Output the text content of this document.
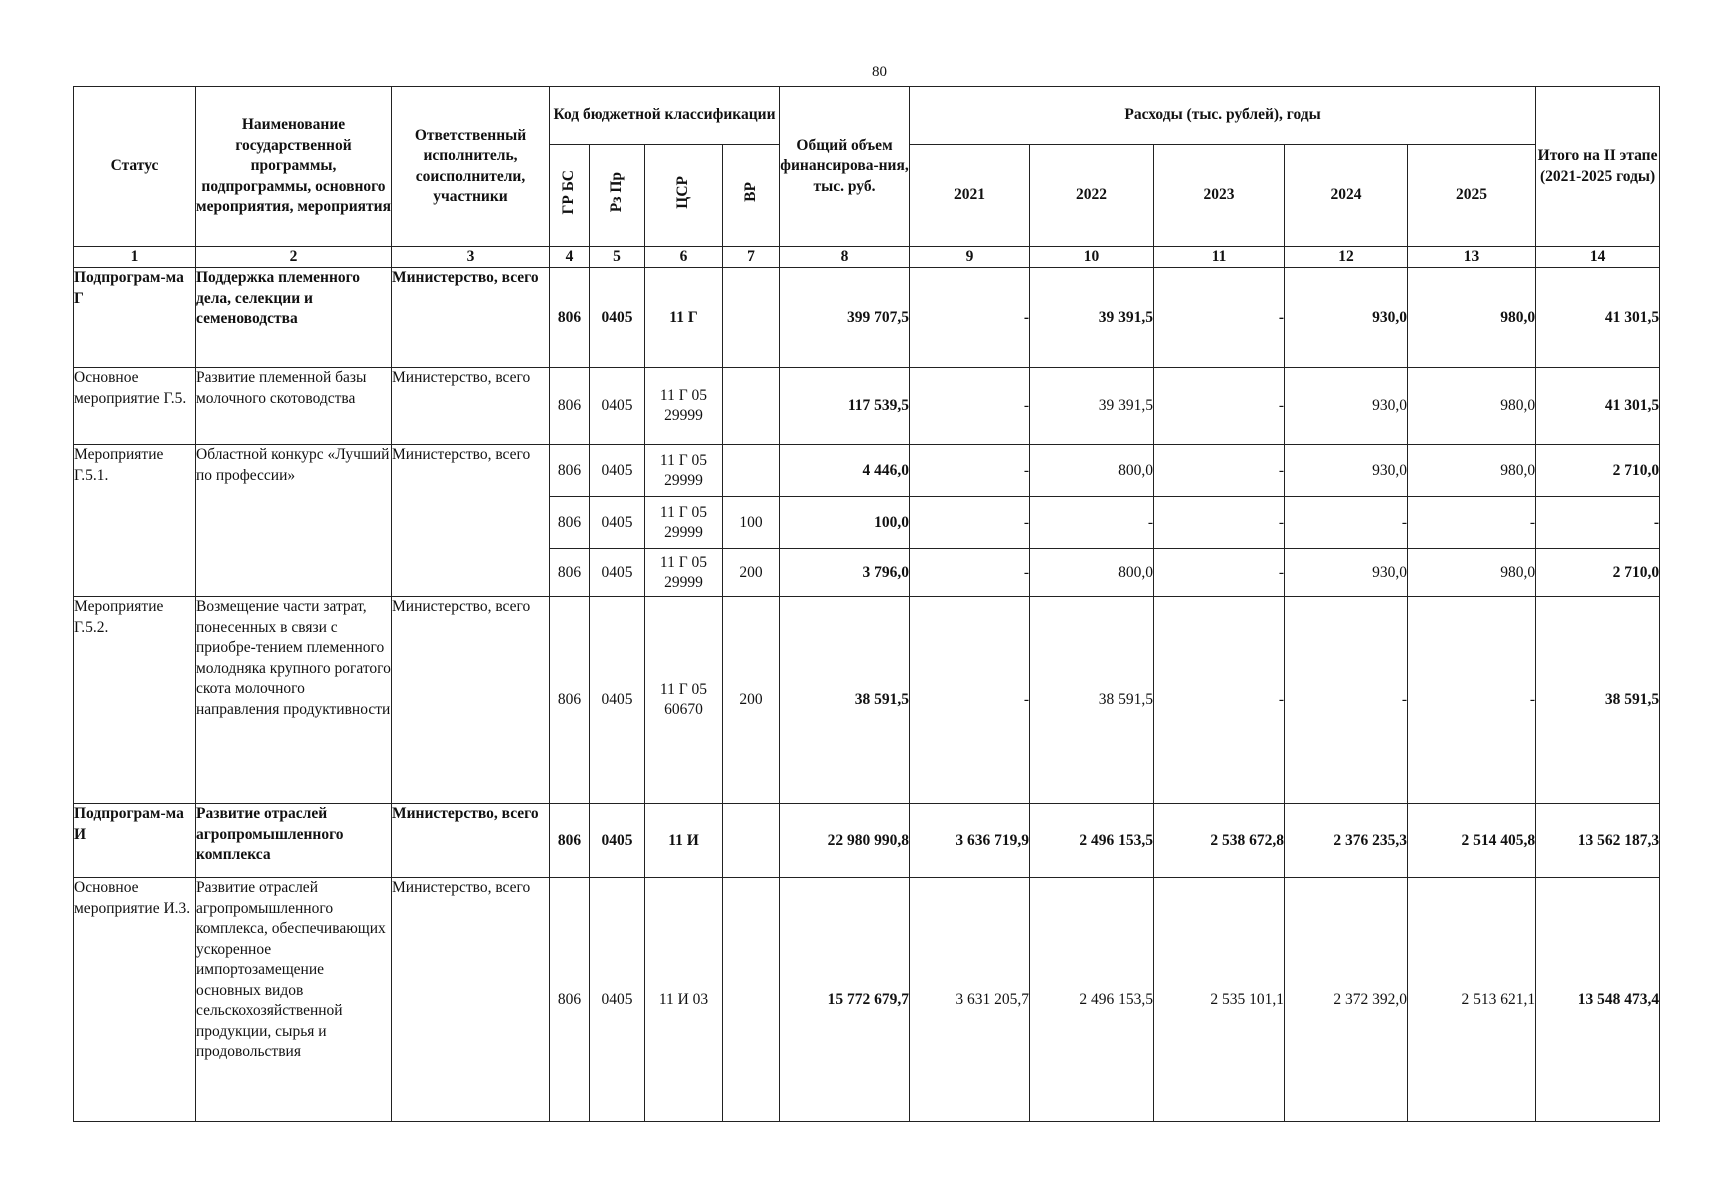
80
Статус	Наименование государственной программы, подпрограммы, основного мероприятия, мероприятия	Ответственный исполнитель, соисполнители, участники	Код бюджетной классификации				Общий объем финансирова-ния, тыс. руб.	Расходы (тыс. рублей), годы					Итого на II этапе (2021-2025 годы)
			ГР БС	Рз Пр	ЦСР	ВР		2021	2022	2023	2024	2025	
1	2	3	4	5	6	7	8	9	10	11	12	13	14
Подпрограм-ма Г	Поддержка племенного дела, селекции и семеноводства	Министерство, всего	806	0405	11 Г		399 707,5	-	39 391,5	-	930,0	980,0	41 301,5
Основное мероприятие Г.5.	Развитие племенной базы молочного скотоводства	Министерство, всего	806	0405	11 Г 05 29999		117 539,5	-	39 391,5	-	930,0	980,0	41 301,5
Мероприятие Г.5.1.	Областной конкурс «Лучший по профессии»	Министерство, всего	806	0405	11 Г 05 29999		4 446,0	-	800,0	-	930,0	980,0	2 710,0
			806	0405	11 Г 05 29999	100	100,0	-	-	-	-	-	-
			806	0405	11 Г 05 29999	200	3 796,0	-	800,0	-	930,0	980,0	2 710,0
Мероприятие Г.5.2.	Возмещение части затрат, понесенных в связи с приобре-тением племенного молодняка крупного рогатого скота молочного направления продуктивности	Министерство, всего	806	0405	11 Г 05 60670	200	38 591,5	-	38 591,5	-	-	-	38 591,5
Подпрограм-ма И	Развитие отраслей агропромышленного комплекса	Министерство, всего	806	0405	11 И		22 980 990,8	3 636 719,9	2 496 153,5	2 538 672,8	2 376 235,3	2 514 405,8	13 562 187,3
Основное мероприятие И.3.	Развитие отраслей агропромышленного комплекса, обеспечивающих ускоренное импортозамещение основных видов сельскохозяйственной продукции, сырья и продовольствия	Министерство, всего	806	0405	11 И 03		15 772 679,7	3 631 205,7	2 496 153,5	2 535 101,1	2 372 392,0	2 513 621,1	13 548 473,4
